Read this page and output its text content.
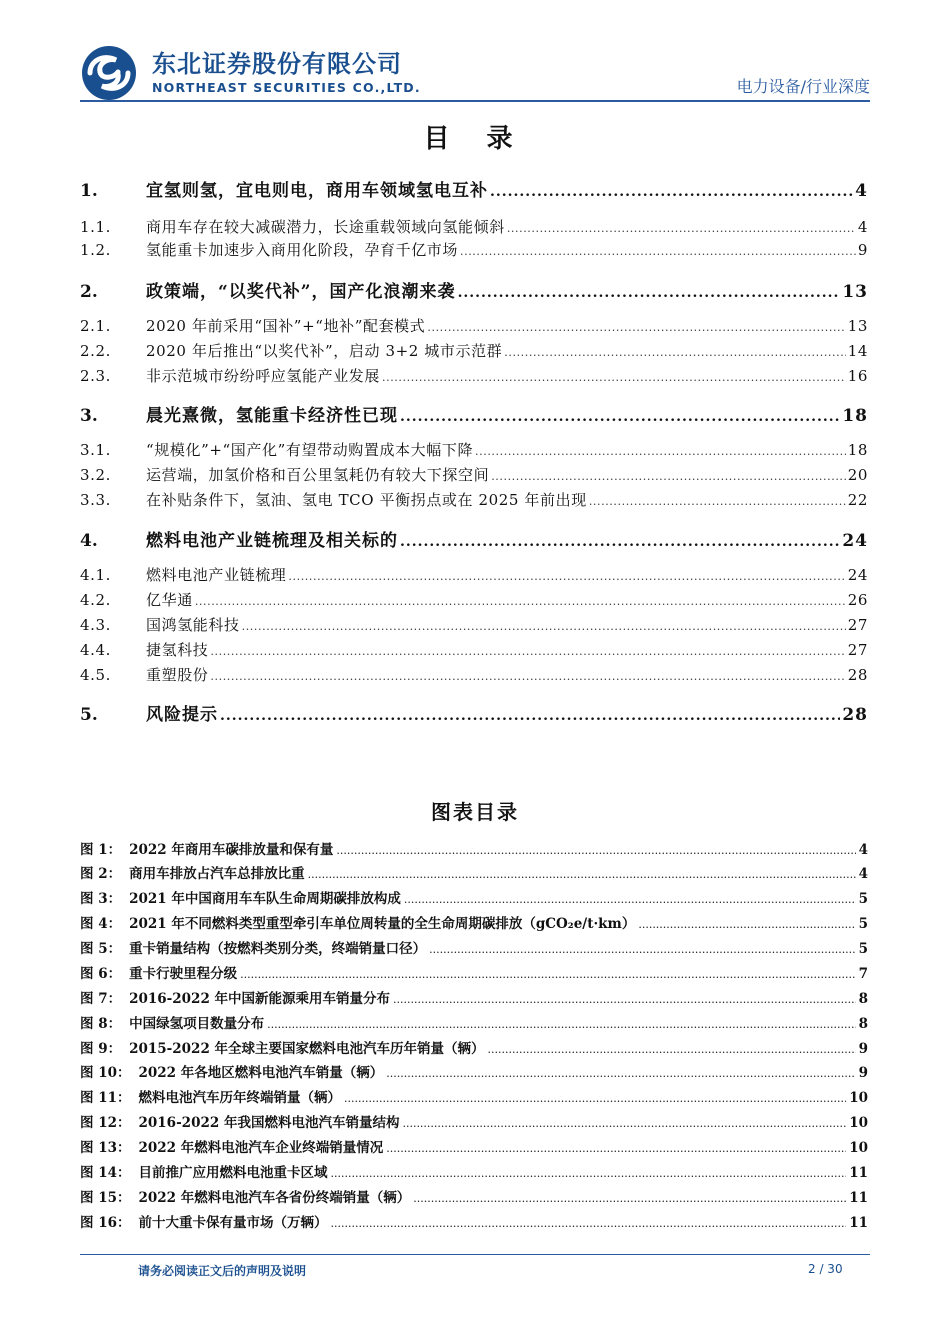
东北证券股份有限公司
NORTHEAST SECURITIES CO.,LTD.	电力设备/行业深度
目 录
1.	宜氢则氢，宜电则电，商用车领域氢电互补 .....	4
1.1.	商用车存在较大减碳潜力，长途重载领域向氢能倾斜 .....	4
1.2.	氢能重卡加速步入商用化阶段，孕育千亿市场 .....	9
2.	政策端，“以奖代补”，国产化浪潮来袭 .....	13
2.1.	2020 年前采用“国补”+“地补”配套模式 .....	13
2.2.	2020 年后推出“以奖代补”，启动 3+2 城市示范群 .....	14
2.3.	非示范城市纷纷呼应氢能产业发展 .....	16
3.	晨光熹微，氢能重卡经济性已现 .....	18
3.1.	“规模化”+“国产化”有望带动购置成本大幅下降 .....	18
3.2.	运营端，加氢价格和百公里氢耗仍有较大下探空间 .....	20
3.3.	在补贴条件下，氢油、氢电 TCO 平衡拐点或在 2025 年前出现 .....	22
4.	燃料电池产业链梳理及相关标的 .....	24
4.1.	燃料电池产业链梳理 .....	24
4.2.	亿华通 .....	26
4.3.	国鸿氢能科技 .....	27
4.4.	捷氢科技 .....	27
4.5.	重塑股份 .....	28
5.	风险提示 .....	28
图表目录
图 1： 2022 年商用车碳排放量和保有量 .....	4
图 2： 商用车排放占汽车总排放比重 .....	4
图 3： 2021 年中国商用车车队生命周期碳排放构成 .....	5
图 4： 2021 年不同燃料类型重型牵引车单位周转量的全生命周期碳排放（gCO₂e/t·km） .....	5
图 5： 重卡销量结构（按燃料类别分类，终端销量口径） .....	5
图 6： 重卡行驶里程分级 .....	7
图 7： 2016-2022 年中国新能源乘用车销量分布 .....	8
图 8： 中国绿氢项目数量分布 .....	8
图 9： 2015-2022 年全球主要国家燃料电池汽车历年销量（辆） .....	9
图 10： 2022 年各地区燃料电池汽车销量（辆） .....	9
图 11： 燃料电池汽车历年终端销量（辆） .....	10
图 12： 2016-2022 年我国燃料电池汽车销量结构 .....	10
图 13： 2022 年燃料电池汽车企业终端销量情况 .....	10
图 14： 目前推广应用燃料电池重卡区域 .....	11
图 15： 2022 年燃料电池汽车各省份终端销量（辆） .....	11
图 16： 前十大重卡保有量市场（万辆） .....	11
请务必阅读正文后的声明及说明	2 / 30
